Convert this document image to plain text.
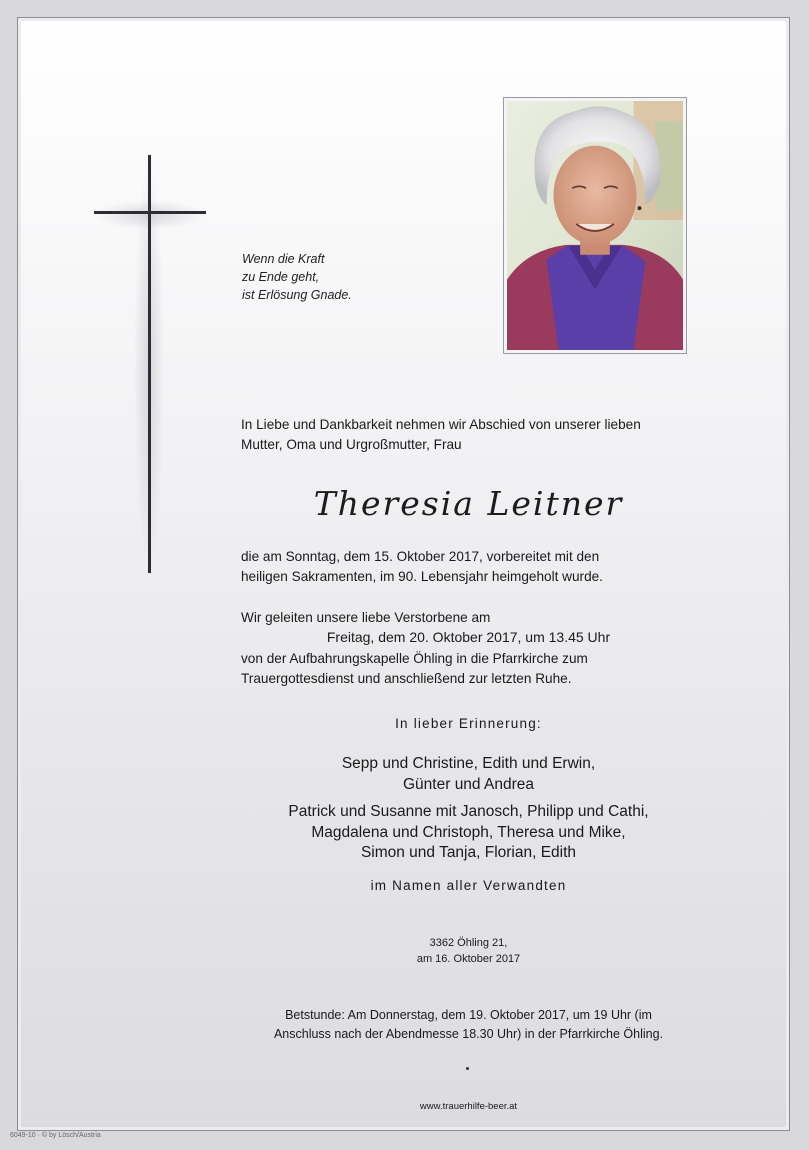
Wenn die Kraft
zu Ende geht,
ist Erlösung Gnade.
In Liebe und Dankbarkeit nehmen wir Abschied von unserer lieben
Mutter, Oma und Urgroßmutter, Frau
Theresia Leitner
die am Sonntag, dem 15. Oktober 2017, vorbereitet mit den
heiligen Sakramenten, im 90. Lebensjahr heimgeholt wurde.
Wir geleiten unsere liebe Verstorbene am
Freitag, dem 20. Oktober 2017, um 13.45 Uhr
von der Aufbahrungskapelle Öhling in die Pfarrkirche zum
Trauergottesdienst und anschließend zur letzten Ruhe.
In lieber Erinnerung:
Sepp und Christine, Edith und Erwin,
Günter und Andrea
Patrick und Susanne mit Janosch, Philipp und Cathi,
Magdalena und Christoph, Theresa und Mike,
Simon und Tanja, Florian, Edith
im Namen aller Verwandten
3362 Öhling 21,
am 16. Oktober 2017
Betstunde: Am Donnerstag, dem 19. Oktober 2017, um 19 Uhr (im
Anschluss nach der Abendmesse 18.30 Uhr) in der Pfarrkirche Öhling.
www.trauerhilfe-beer.at
6049-10 · © by Lösch/Austria
